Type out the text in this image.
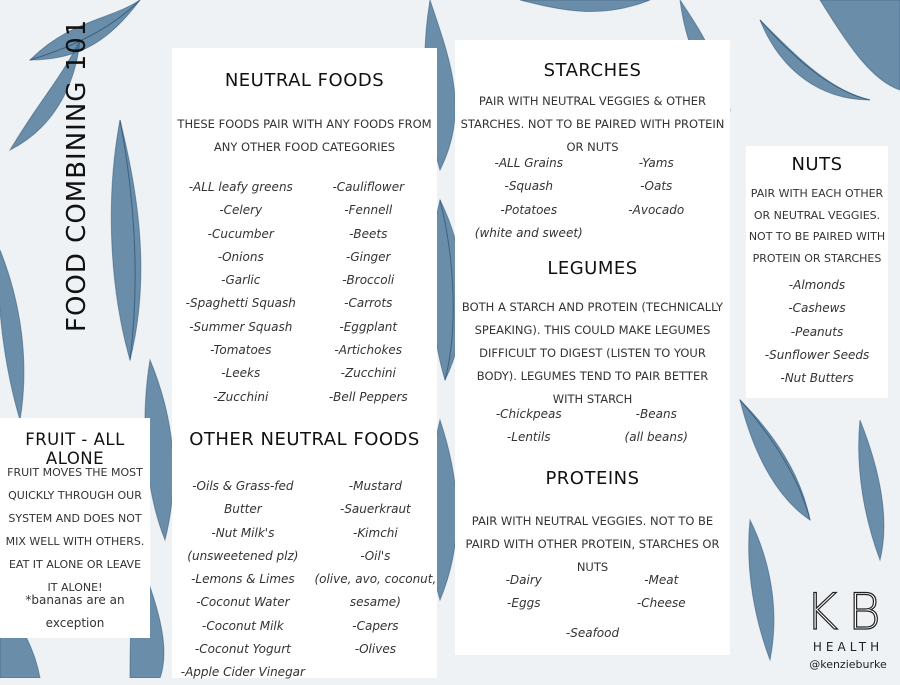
FOOD COMBINING 101	NEUTRAL FOODS
THESE FOODS PAIR WITH ANY FOODS FROM ANY OTHER FOOD CATEGORIES
-ALL leafy greens
-Celery
-Cucumber
-Onions
-Garlic
-Spaghetti Squash
-Summer Squash
-Tomatoes
-Leeks
-Zucchini
-Cauliflower
-Fennell
-Beets
-Ginger
-Broccoli
-Carrots
-Eggplant
-Artichokes
-Zucchini
-Bell Peppers
OTHER NEUTRAL FOODS
-Oils & Grass-fed Butter
-Nut Milk's
(unsweetened plz)
-Lemons & Limes
-Coconut Water
-Coconut Milk
-Coconut Yogurt
-Apple Cider Vinegar
-Mustard
-Sauerkraut
-Kimchi
-Oil's
(olive, avo, coconut,
sesame)
-Capers
-Olives
FRUIT - ALL ALONE
FRUIT MOVES THE MOST QUICKLY THROUGH OUR SYSTEM AND DOES NOT MIX WELL WITH OTHERS. EAT IT ALONE OR LEAVE IT ALONE!
*bananas are an exception
STARCHES
PAIR WITH NEUTRAL VEGGIES & OTHER STARCHES. NOT TO BE PAIRED WITH PROTEIN OR NUTS
-ALL Grains
-Squash
-Potatoes
(white and sweet)
-Yams
-Oats
-Avocado
LEGUMES
BOTH A STARCH AND PROTEIN (TECHNICALLY SPEAKING). THIS COULD MAKE LEGUMES DIFFICULT TO DIGEST (LISTEN TO YOUR BODY). LEGUMES TEND TO PAIR BETTER WITH STARCH
-Chickpeas
-Lentils
-Beans
(all beans)
PROTEINS
PAIR WITH NEUTRAL VEGGIES. NOT TO BE PAIRD WITH OTHER PROTEIN, STARCHES OR NUTS
-Dairy
-Eggs
-Meat
-Cheese
-Seafood
NUTS
PAIR WITH EACH OTHER OR NEUTRAL VEGGIES. NOT TO BE PAIRED WITH PROTEIN OR STARCHES
-Almonds
-Cashews
-Peanuts
-Sunflower Seeds
-Nut Butters
KB
HEALTH
@kenzieburke
